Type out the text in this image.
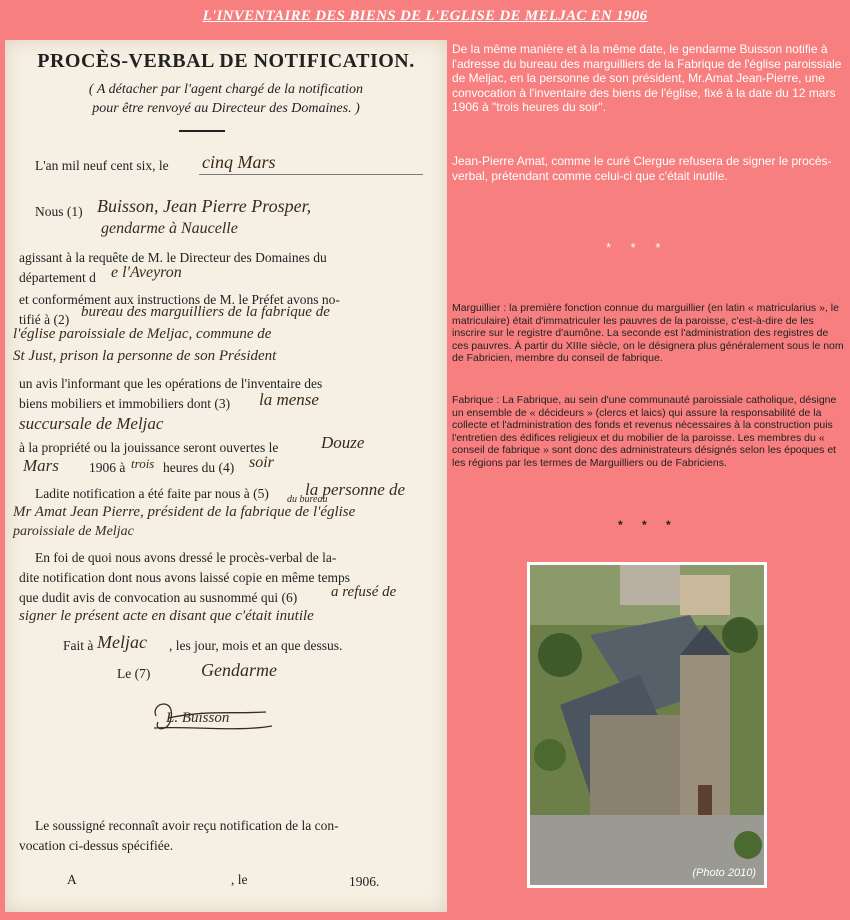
L'INVENTAIRE DES BIENS DE L'EGLISE DE MELJAC EN 1906
PROCÈS-VERBAL DE NOTIFICATION.
( A détacher par l'agent chargé de la notification
pour être renvoyé au Directeur des Domaines. )
L'an mil neuf cent six, le cinq Mars
Nous (1) Buisson, Jean Pierre Prosper,
gendarme à Naucelle
agissant à la requête de M. le Directeur des Domaines du
département d e l'Aveyron
et conformément aux instructions de M. le Préfet avons no-
tifié à (2) bureau des marguilliers de la fabrique de
l'église paroissiale de Meljac, commune de
St Just, prison la personne de son Président
un avis l'informant que les opérations de l'inventaire des
biens mobiliers et immobiliers dont (3) la mense
succursale de Meljac
à la propriété ou la jouissance seront ouvertes le	Douze
Mars 1906 à trois heures du (4) soir
Ladite notification a été faite par nous à (5) la personne de
du bureau
Mr Amat Jean Pierre, président de la fabrique de l'église
paroissiale de Meljac
En foi de quoi nous avons dressé le procès-verbal de la-
dite notification dont nous avons laissé copie en même temps
que dudit avis de convocation au susnommé qui (6) a refusé de
signer le présent acte en disant que c'était inutile
Fait à Meljac , les jour, mois et an que dessus.
Le (7)	Gendarme
L. Buisson
Le soussigné reconnaît avoir reçu notification de la con-
vocation ci-dessus spécifiée.
A	, le	1906.
De la même manière et à la même date, le gendarme Buisson notifie à l'adresse du bureau des marguilliers de la Fabrique de l'église paroissiale de Meljac, en la personne de son président, Mr.Amat Jean-Pierre, une convocation à l'inventaire des biens de l'église, fixé à la date du 12 mars 1906 à "trois heures du soir".
Jean-Pierre Amat, comme le curé Clergue refusera de signer le procès-verbal, prétendant comme celui-ci que c'était inutile.
* * *
Marguillier : la première fonction connue du marguillier (en latin « matricularius », le matriculaire) était d'immatriculer les pauvres de la paroisse, c'est-à-dire de les inscrire sur le registre d'aumône. La seconde est l'administration des registres de ces pauvres. À partir du XIIIe siècle, on le désignera plus généralement sous le nom de Fabricien, membre du conseil de fabrique.
Fabrique : La Fabrique, au sein d'une communauté paroissiale catholique, désigne un ensemble de « décideurs » (clercs et laics) qui assure la responsabilité de la collecte et l'administration des fonds et revenus nécessaires à la construction puis l'entretien des édifices religieux et du mobilier de la paroisse. Les membres du « conseil de fabrique » sont donc des administrateurs désignés selon les époques et les régions par les termes de Marguilliers ou de Fabriciens.
* * *
(Photo 2010)
